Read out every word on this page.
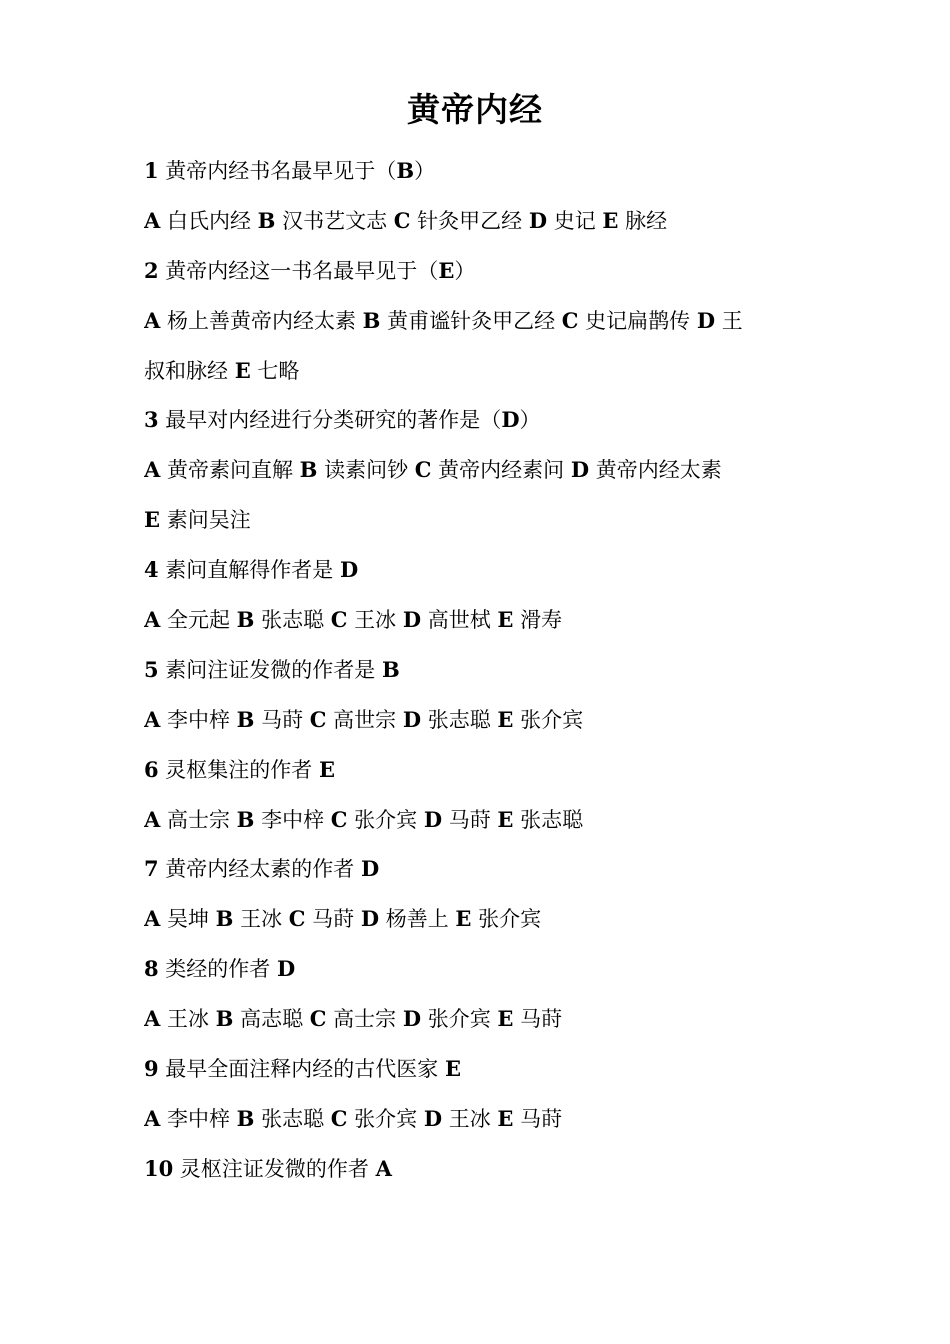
黄帝内经
1 黄帝内经书名最早见于（B）
A 白氏内经 B 汉书艺文志 C 针灸甲乙经 D 史记 E 脉经
2 黄帝内经这一书名最早见于（E）
A 杨上善黄帝内经太素 B 黄甫谧针灸甲乙经 C 史记扁鹊传 D 王
叔和脉经 E 七略
3 最早对内经进行分类研究的著作是（D）
A 黄帝素问直解 B 读素问钞 C 黄帝内经素问 D 黄帝内经太素
E 素问吴注
4 素问直解得作者是 D
A 全元起 B 张志聪 C 王冰 D 高世栻 E 滑寿
5 素问注证发微的作者是 B
A 李中梓 B 马莳 C 高世宗 D 张志聪 E 张介宾
6 灵枢集注的作者 E
A 高士宗 B 李中梓 C 张介宾 D 马莳 E 张志聪
7 黄帝内经太素的作者 D
A 吴坤 B 王冰 C 马莳 D 杨善上 E 张介宾
8 类经的作者 D
A 王冰 B 高志聪 C 高士宗 D 张介宾 E 马莳
9 最早全面注释内经的古代医家 E
A 李中梓 B 张志聪 C 张介宾 D 王冰 E 马莳
10 灵枢注证发微的作者 A
